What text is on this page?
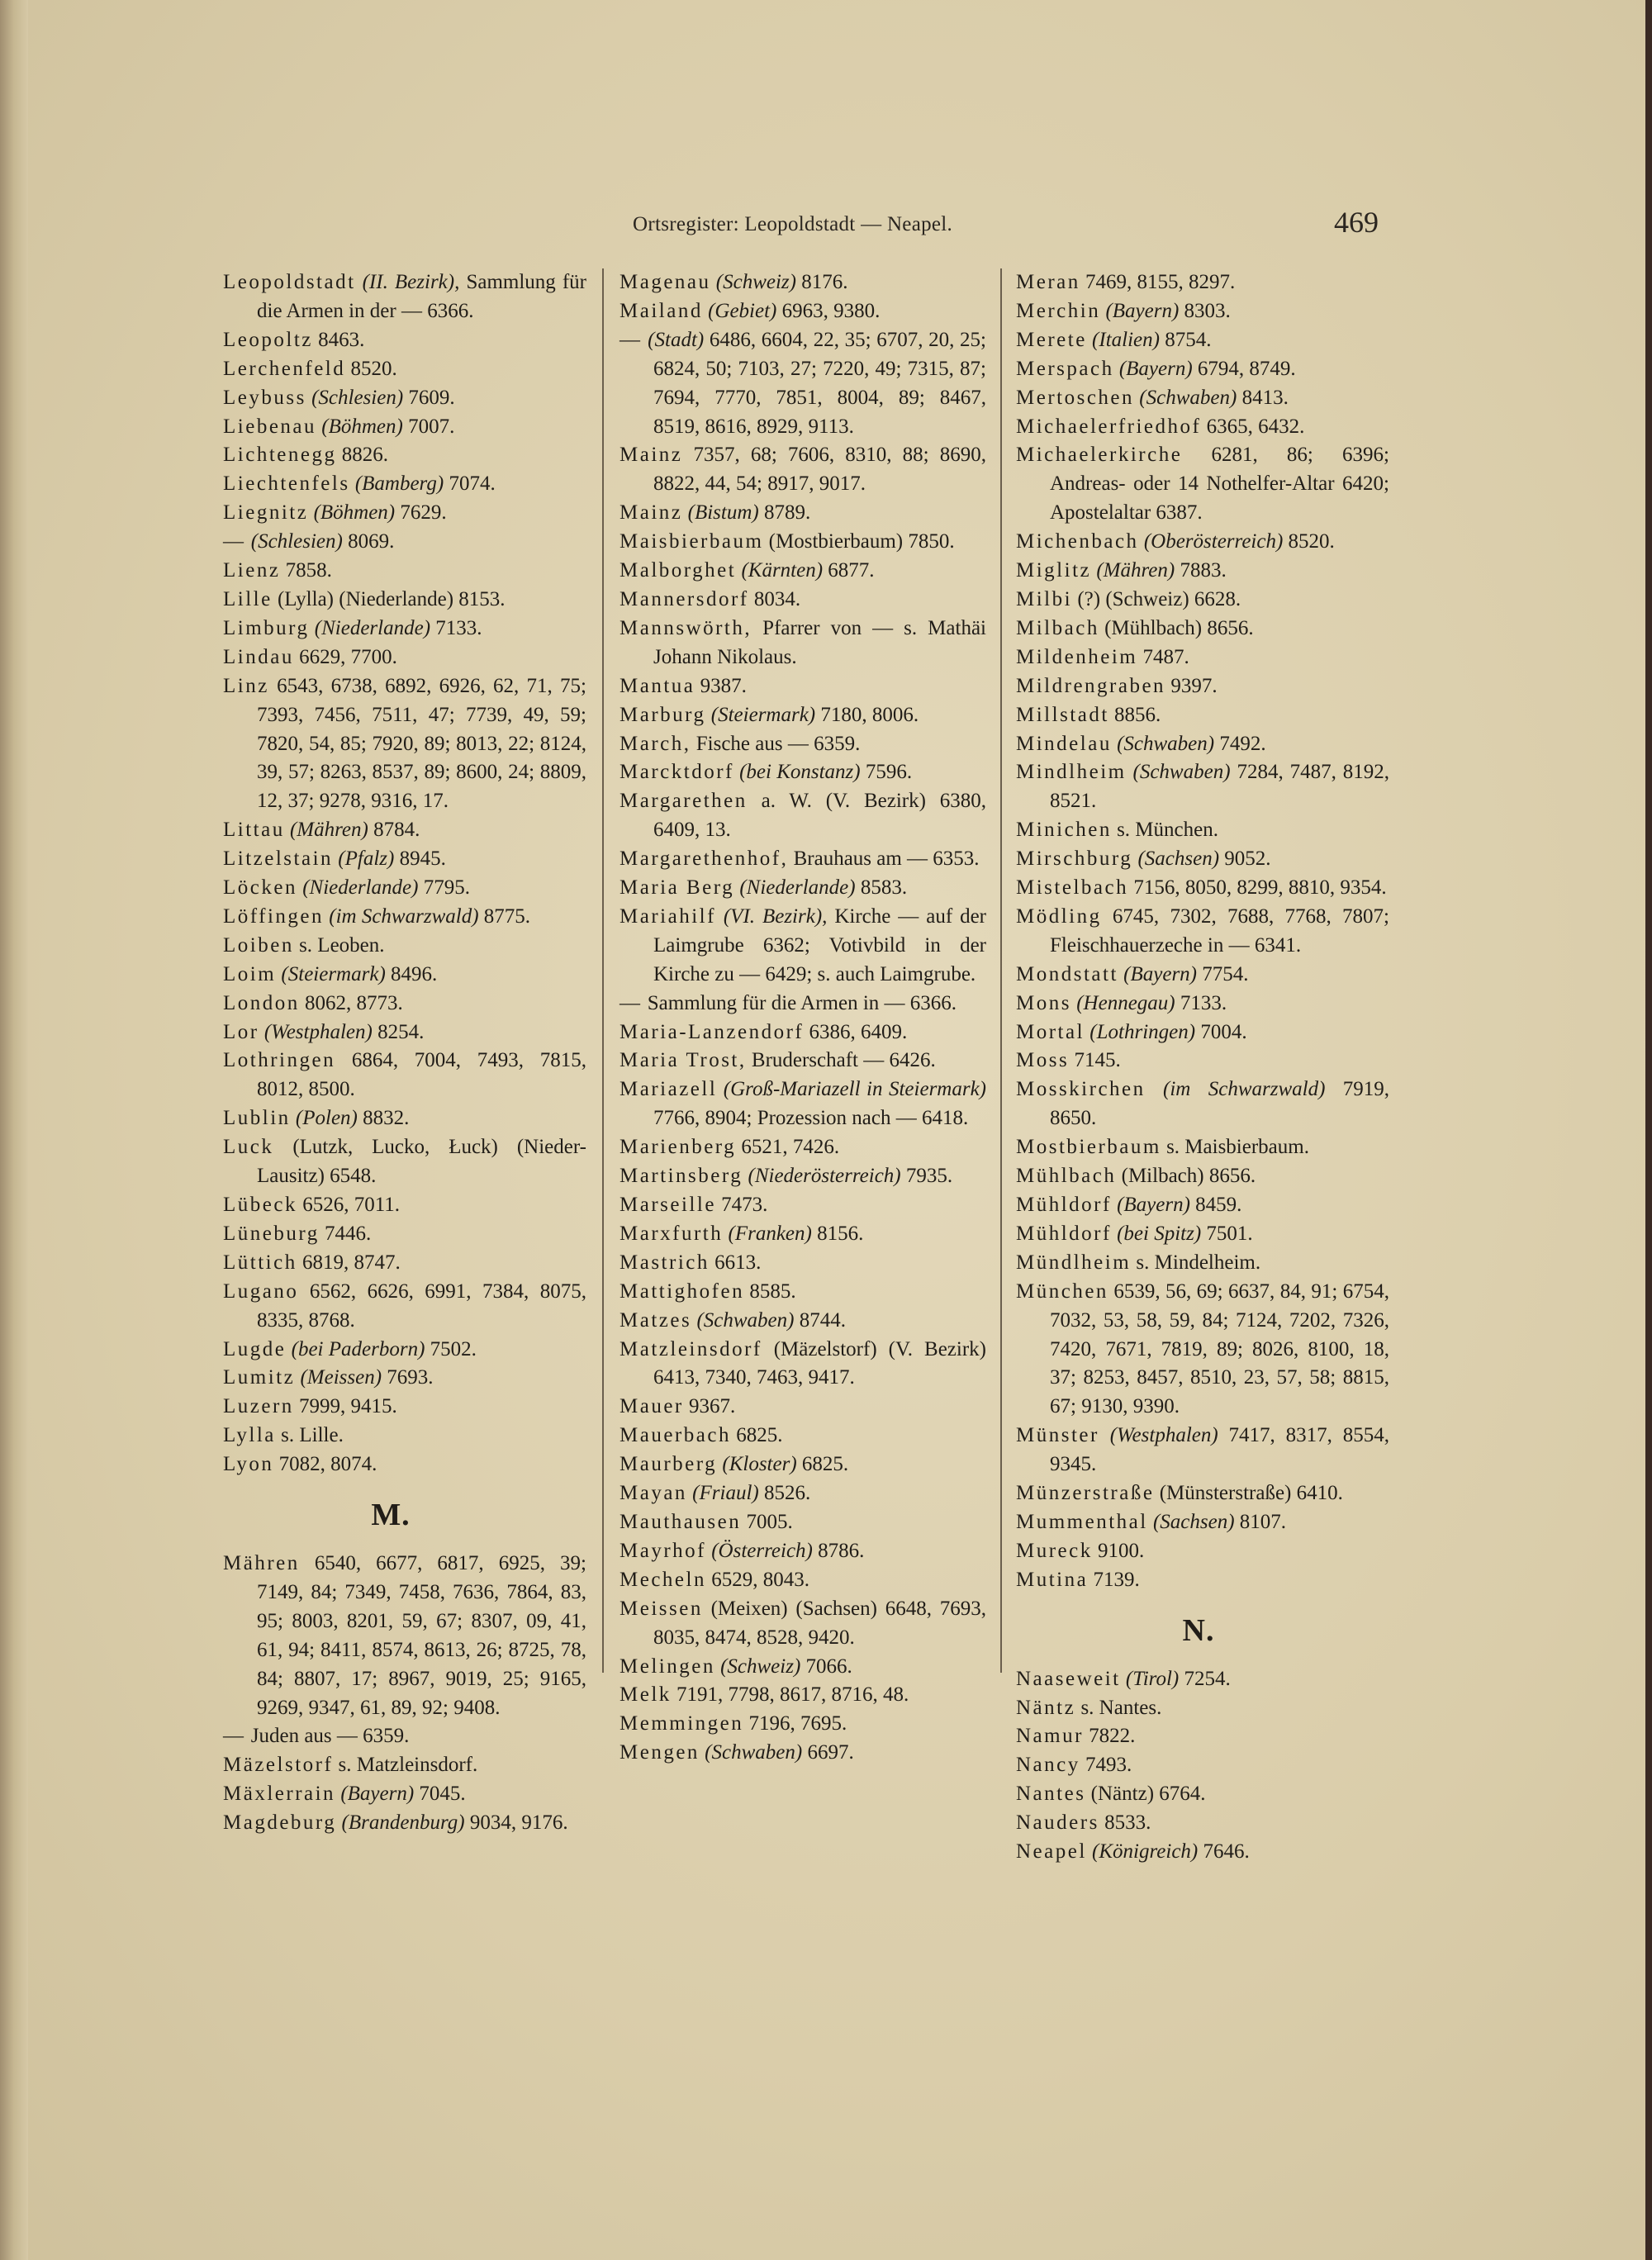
Ortsregister: Leopoldstadt — Neapel.	469
Leopoldstadt (II. Bezirk), Sammlung für die Armen in der — 6366.
Leopoltz 8463.
Lerchenfeld 8520.
Leybuss (Schlesien) 7609.
Liebenau (Böhmen) 7007.
Lichtenegg 8826.
Liechtenfels (Bamberg) 7074.
Liegnitz (Böhmen) 7629.
— (Schlesien) 8069.
Lienz 7858.
Lille (Lylla) (Niederlande) 8153.
Limburg (Niederlande) 7133.
Lindau 6629, 7700.
Linz 6543, 6738, 6892, 6926, 62, 71, 75; 7393, 7456, 7511, 47; 7739, 49, 59; 7820, 54, 85; 7920, 89; 8013, 22; 8124, 39, 57; 8263, 8537, 89; 8600, 24; 8809, 12, 37; 9278, 9316, 17.
Littau (Mähren) 8784.
Litzelstain (Pfalz) 8945.
Löcken (Niederlande) 7795.
Löffingen (im Schwarzwald) 8775.
Loiben s. Leoben.
Loim (Steiermark) 8496.
London 8062, 8773.
Lor (Westphalen) 8254.
Lothringen 6864, 7004, 7493, 7815, 8012, 8500.
Lublin (Polen) 8832.
Luck (Lutzk, Lucko, Łuck) (Nieder-Lausitz) 6548.
Lübeck 6526, 7011.
Lüneburg 7446.
Lüttich 6819, 8747.
Lugano 6562, 6626, 6991, 7384, 8075, 8335, 8768.
Lugde (bei Paderborn) 7502.
Lumitz (Meissen) 7693.
Luzern 7999, 9415.
Lylla s. Lille.
Lyon 7082, 8074.
M.
Mähren 6540, 6677, 6817, 6925, 39; 7149, 84; 7349, 7458, 7636, 7864, 83, 95; 8003, 8201, 59, 67; 8307, 09, 41, 61, 94; 8411, 8574, 8613, 26; 8725, 78, 84; 8807, 17; 8967, 9019, 25; 9165, 9269, 9347, 61, 89, 92; 9408.
— Juden aus — 6359.
Mäzelstorf s. Matzleinsdorf.
Mäxlerrain (Bayern) 7045.
Magdeburg (Brandenburg) 9034, 9176.
Magenau (Schweiz) 8176.
Mailand (Gebiet) 6963, 9380.
— (Stadt) 6486, 6604, 22, 35; 6707, 20, 25; 6824, 50; 7103, 27; 7220, 49; 7315, 87; 7694, 7770, 7851, 8004, 89; 8467, 8519, 8616, 8929, 9113.
Mainz 7357, 68; 7606, 8310, 88; 8690, 8822, 44, 54; 8917, 9017.
Mainz (Bistum) 8789.
Maisbierbaum (Mostbierbaum) 7850.
Malborghet (Kärnten) 6877.
Mannersdorf 8034.
Mannswörth, Pfarrer von — s. Mathäi Johann Nikolaus.
Mantua 9387.
Marburg (Steiermark) 7180, 8006.
March, Fische aus — 6359.
Marcktdorf (bei Konstanz) 7596.
Margarethen a. W. (V. Bezirk) 6380, 6409, 13.
Margarethenhof, Brauhaus am — 6353.
Maria Berg (Niederlande) 8583.
Mariahilf (VI. Bezirk), Kirche — auf der Laimgrube 6362; Votivbild in der Kirche zu — 6429; s. auch Laimgrube.
— Sammlung für die Armen in — 6366.
Maria-Lanzendorf 6386, 6409.
Maria Trost, Bruderschaft — 6426.
Mariazell (Groß-Mariazell in Steiermark) 7766, 8904; Prozession nach — 6418.
Marienberg 6521, 7426.
Martinsberg (Niederösterreich) 7935.
Marseille 7473.
Marxfurth (Franken) 8156.
Mastrich 6613.
Mattighofen 8585.
Matzes (Schwaben) 8744.
Matzleinsdorf (Mäzelstorf) (V. Bezirk) 6413, 7340, 7463, 9417.
Mauer 9367.
Mauerbach 6825.
Maurberg (Kloster) 6825.
Mayan (Friaul) 8526.
Mauthausen 7005.
Mayrhof (Österreich) 8786.
Mecheln 6529, 8043.
Meissen (Meixen) (Sachsen) 6648, 7693, 8035, 8474, 8528, 9420.
Melingen (Schweiz) 7066.
Melk 7191, 7798, 8617, 8716, 48.
Memmingen 7196, 7695.
Mengen (Schwaben) 6697.
Meran 7469, 8155, 8297.
Merchin (Bayern) 8303.
Merete (Italien) 8754.
Merspach (Bayern) 6794, 8749.
Mertoschen (Schwaben) 8413.
Michaelerfriedhof 6365, 6432.
Michaelerkirche 6281, 86; 6396; Andreas- oder 14 Nothelfer-Altar 6420; Apostelaltar 6387.
Michenbach (Oberösterreich) 8520.
Miglitz (Mähren) 7883.
Milbi (?) (Schweiz) 6628.
Milbach (Mühlbach) 8656.
Mildenheim 7487.
Mildrengraben 9397.
Millstadt 8856.
Mindelau (Schwaben) 7492.
Mindlheim (Schwaben) 7284, 7487, 8192, 8521.
Minichen s. München.
Mirschburg (Sachsen) 9052.
Mistelbach 7156, 8050, 8299, 8810, 9354.
Mödling 6745, 7302, 7688, 7768, 7807; Fleischhauerzeche in — 6341.
Mondstatt (Bayern) 7754.
Mons (Hennegau) 7133.
Mortal (Lothringen) 7004.
Moss 7145.
Mosskirchen (im Schwarzwald) 7919, 8650.
Mostbierbaum s. Maisbierbaum.
Mühlbach (Milbach) 8656.
Mühldorf (Bayern) 8459.
Mühldorf (bei Spitz) 7501.
Mündlheim s. Mindelheim.
München 6539, 56, 69; 6637, 84, 91; 6754, 7032, 53, 58, 59, 84; 7124, 7202, 7326, 7420, 7671, 7819, 89; 8026, 8100, 18, 37; 8253, 8457, 8510, 23, 57, 58; 8815, 67; 9130, 9390.
Münster (Westphalen) 7417, 8317, 8554, 9345.
Münzerstraße (Münsterstraße) 6410.
Mummenthal (Sachsen) 8107.
Mureck 9100.
Mutina 7139.
N.
Naaseweit (Tirol) 7254.
Näntz s. Nantes.
Namur 7822.
Nancy 7493.
Nantes (Näntz) 6764.
Nauders 8533.
Neapel (Königreich) 7646.
